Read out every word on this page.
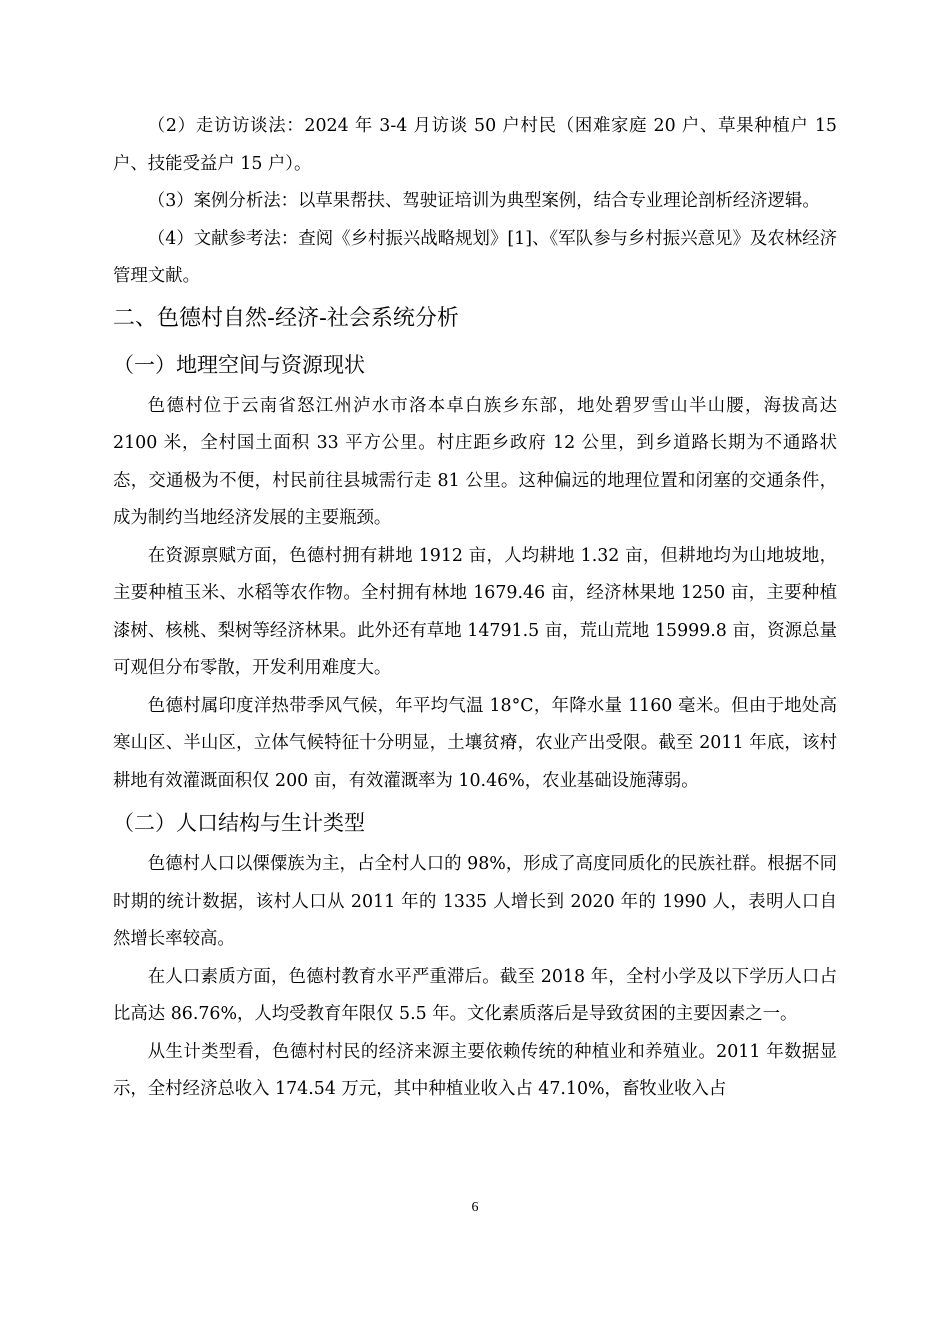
（2）走访访谈法：2024 年 3-4 月访谈 50 户村民（困难家庭 20 户、草果种植户 15 户、技能受益户 15 户）。

（3）案例分析法：以草果帮扶、驾驶证培训为典型案例，结合专业理论剖析经济逻辑。

（4）文献参考法：查阅《乡村振兴战略规划》[1]、《军队参与乡村振兴意见》及农林经济管理文献。

二、色德村自然-经济-社会系统分析
（一）地理空间与资源现状

色德村位于云南省怒江州泸水市洛本卓白族乡东部，地处碧罗雪山半山腰，海拔高达 2100 米，全村国土面积 33 平方公里。村庄距乡政府 12 公里，到乡道路长期为不通路状态，交通极为不便，村民前往县城需行走 81 公里。这种偏远的地理位置和闭塞的交通条件，成为制约当地经济发展的主要瓶颈。

在资源禀赋方面，色德村拥有耕地 1912 亩，人均耕地 1.32 亩，但耕地均为山地坡地，主要种植玉米、水稻等农作物。全村拥有林地 1679.46 亩，经济林果地 1250 亩，主要种植漆树、核桃、梨树等经济林果。此外还有草地 14791.5 亩，荒山荒地 15999.8 亩，资源总量可观但分布零散，开发利用难度大。

色德村属印度洋热带季风气候，年平均气温 18°C，年降水量 1160 毫米。但由于地处高寒山区、半山区，立体气候特征十分明显，土壤贫瘠，农业产出受限。截至 2011 年底，该村耕地有效灌溉面积仅 200 亩，有效灌溉率为 10.46%，农业基础设施薄弱。

（二）人口结构与生计类型

色德村人口以傈僳族为主，占全村人口的 98%，形成了高度同质化的民族社群。根据不同时期的统计数据，该村人口从 2011 年的 1335 人增长到 2020 年的 1990 人，表明人口自然增长率较高。

在人口素质方面，色德村教育水平严重滞后。截至 2018 年，全村小学及以下学历人口占比高达 86.76%，人均受教育年限仅 5.5 年。文化素质落后是导致贫困的主要因素之一。

从生计类型看，色德村村民的经济来源主要依赖传统的种植业和养殖业。2011 年数据显示，全村经济总收入 174.54 万元，其中种植业收入占 47.10%，畜牧业收入占

6
